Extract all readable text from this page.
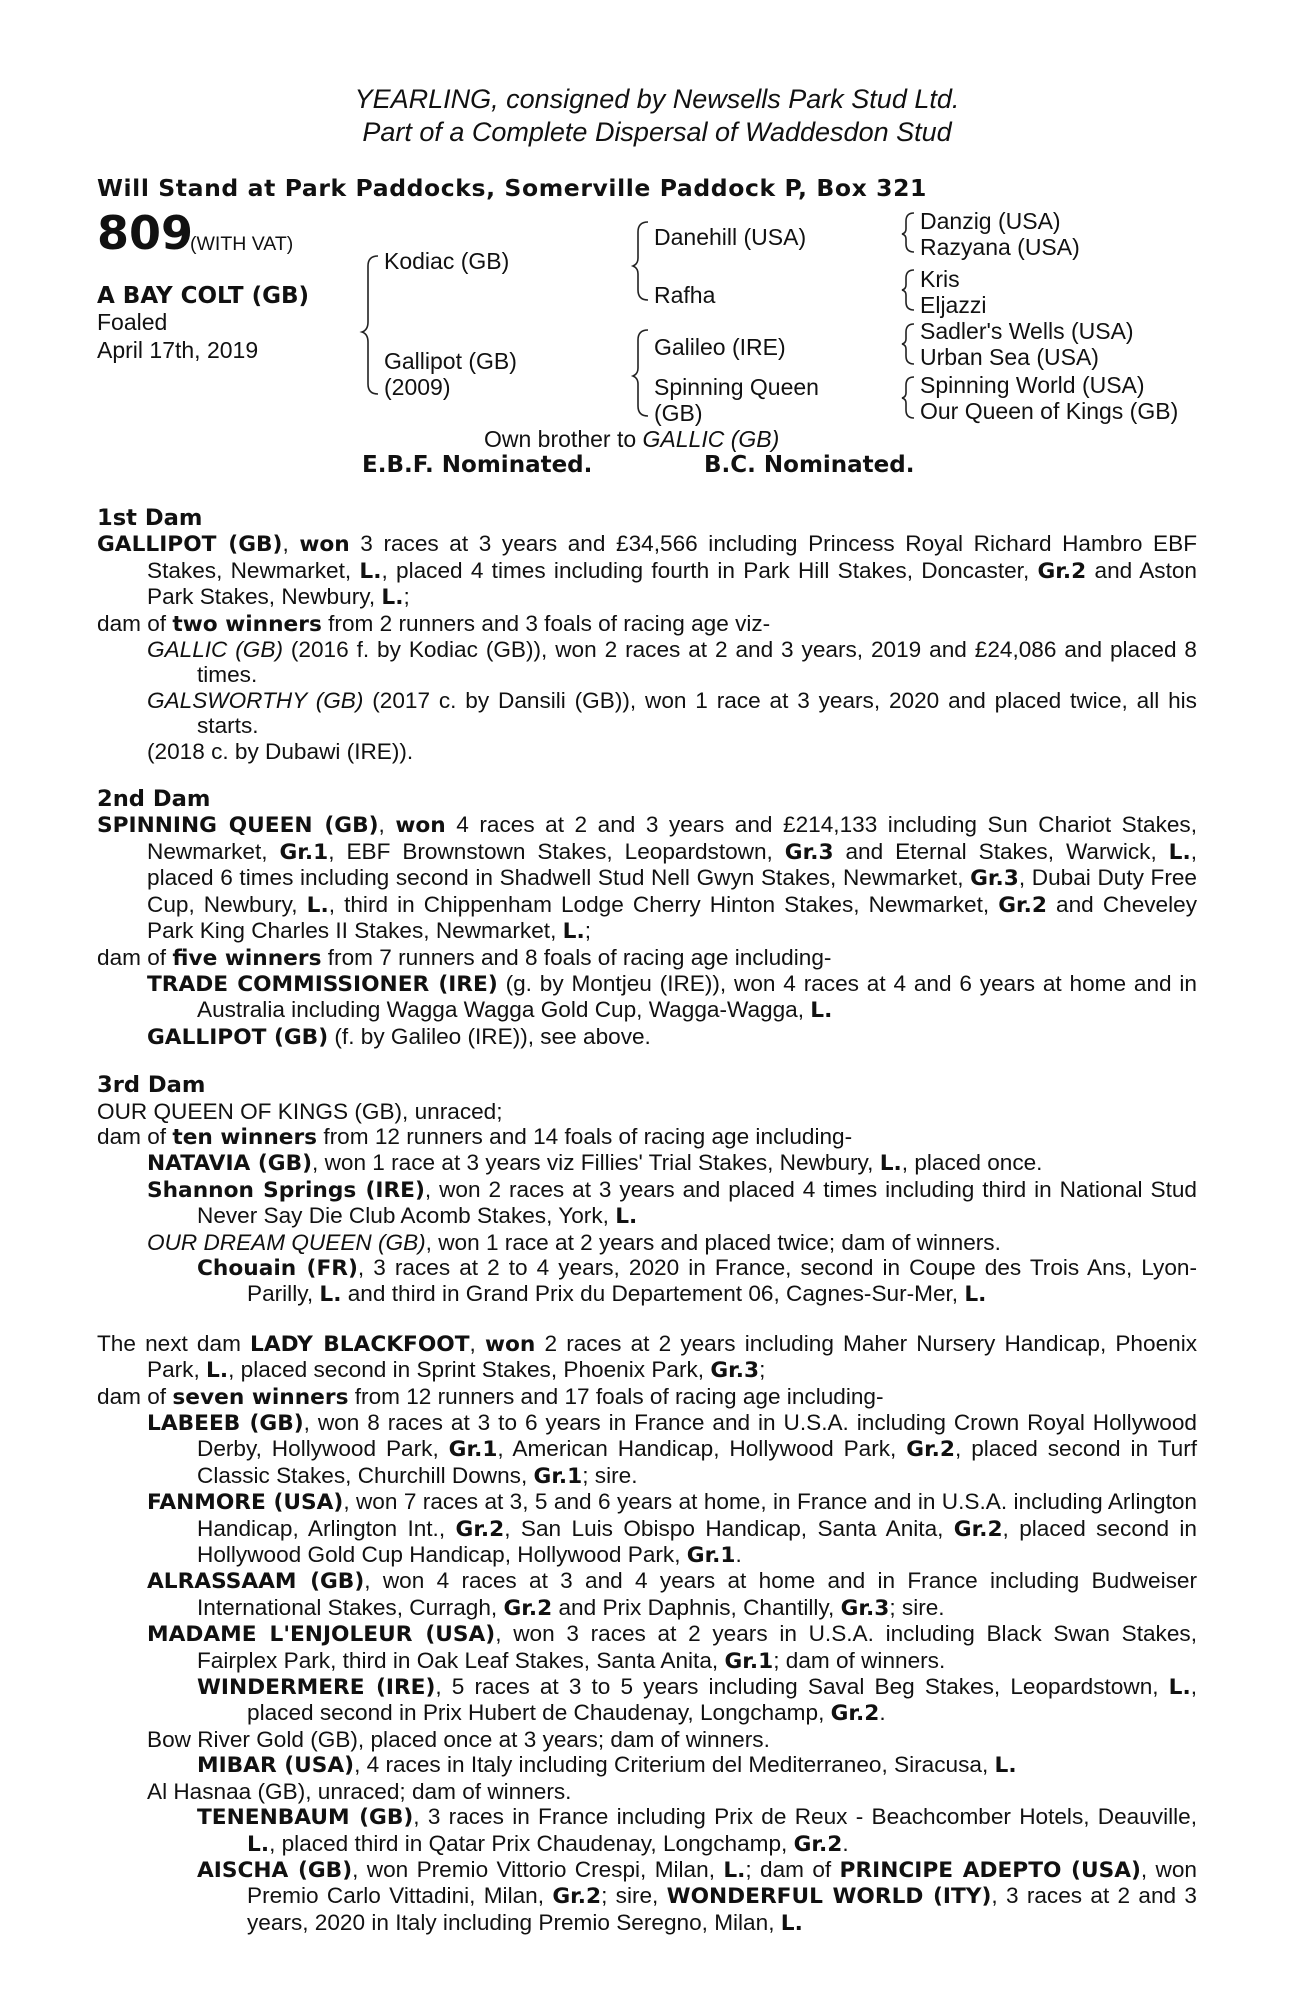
YEARLING, consigned by Newsells Park Stud Ltd.
Part of a Complete Dispersal of Waddesdon Stud
Will Stand at Park Paddocks, Somerville Paddock P, Box 321
809
(WITH VAT)
A BAY COLT (GB)
Foaled
April 17th, 2019
Kodiac (GB)
Gallipot (GB)
(2009)
Danehill (USA)
Rafha
Galileo (IRE)
Spinning Queen
(GB)
Danzig (USA)
Razyana (USA)
Kris
Eljazzi
Sadler's Wells (USA)
Urban Sea (USA)
Spinning World (USA)
Our Queen of Kings (GB)
Own brother to GALLIC (GB)
E.B.F. Nominated.	B.C. Nominated.

1st Dam

GALLIPOT (GB), won 3 races at 3 years and £34,566 including Princess Royal Richard Hambro EBF Stakes, Newmarket, L., placed 4 times including fourth in Park Hill Stakes, Doncaster, Gr.2 and Aston Park Stakes, Newbury, L.;

dam of two winners from 2 runners and 3 foals of racing age viz-

GALLIC (GB) (2016 f. by Kodiac (GB)), won 2 races at 2 and 3 years, 2019 and £24,086 and placed 8 times.

GALSWORTHY (GB) (2017 c. by Dansili (GB)), won 1 race at 3 years, 2020 and placed twice, all his starts.

(2018 c. by Dubawi (IRE)).

2nd Dam

SPINNING QUEEN (GB), won 4 races at 2 and 3 years and £214,133 including Sun Chariot Stakes, Newmarket, Gr.1, EBF Brownstown Stakes, Leopardstown, Gr.3 and Eternal Stakes, Warwick, L., placed 6 times including second in Shadwell Stud Nell Gwyn Stakes, Newmarket, Gr.3, Dubai Duty Free Cup, Newbury, L., third in Chippenham Lodge Cherry Hinton Stakes, Newmarket, Gr.2 and Cheveley Park King Charles II Stakes, Newmarket, L.;

dam of five winners from 7 runners and 8 foals of racing age including-

TRADE COMMISSIONER (IRE) (g. by Montjeu (IRE)), won 4 races at 4 and 6 years at home and in Australia including Wagga Wagga Gold Cup, Wagga-Wagga, L.

GALLIPOT (GB) (f. by Galileo (IRE)), see above.

3rd Dam

OUR QUEEN OF KINGS (GB), unraced;

dam of ten winners from 12 runners and 14 foals of racing age including-

NATAVIA (GB), won 1 race at 3 years viz Fillies' Trial Stakes, Newbury, L., placed once.

Shannon Springs (IRE), won 2 races at 3 years and placed 4 times including third in National Stud Never Say Die Club Acomb Stakes, York, L.

OUR DREAM QUEEN (GB), won 1 race at 2 years and placed twice; dam of winners.

Chouain (FR), 3 races at 2 to 4 years, 2020 in France, second in Coupe des Trois Ans, Lyon-Parilly, L. and third in Grand Prix du Departement 06, Cagnes-Sur-Mer, L.

The next dam LADY BLACKFOOT, won 2 races at 2 years including Maher Nursery Handicap, Phoenix Park, L., placed second in Sprint Stakes, Phoenix Park, Gr.3;

dam of seven winners from 12 runners and 17 foals of racing age including-

LABEEB (GB), won 8 races at 3 to 6 years in France and in U.S.A. including Crown Royal Hollywood Derby, Hollywood Park, Gr.1, American Handicap, Hollywood Park, Gr.2, placed second in Turf Classic Stakes, Churchill Downs, Gr.1; sire.

FANMORE (USA), won 7 races at 3, 5 and 6 years at home, in France and in U.S.A. including Arlington Handicap, Arlington Int., Gr.2, San Luis Obispo Handicap, Santa Anita, Gr.2, placed second in Hollywood Gold Cup Handicap, Hollywood Park, Gr.1.

ALRASSAAM (GB), won 4 races at 3 and 4 years at home and in France including Budweiser International Stakes, Curragh, Gr.2 and Prix Daphnis, Chantilly, Gr.3; sire.

MADAME L'ENJOLEUR (USA), won 3 races at 2 years in U.S.A. including Black Swan Stakes, Fairplex Park, third in Oak Leaf Stakes, Santa Anita, Gr.1; dam of winners.

WINDERMERE (IRE), 5 races at 3 to 5 years including Saval Beg Stakes, Leopardstown, L., placed second in Prix Hubert de Chaudenay, Longchamp, Gr.2.

Bow River Gold (GB), placed once at 3 years; dam of winners.

MIBAR (USA), 4 races in Italy including Criterium del Mediterraneo, Siracusa, L.

Al Hasnaa (GB), unraced; dam of winners.

TENENBAUM (GB), 3 races in France including Prix de Reux - Beachcomber Hotels, Deauville, L., placed third in Qatar Prix Chaudenay, Longchamp, Gr.2.

AISCHA (GB), won Premio Vittorio Crespi, Milan, L.; dam of PRINCIPE ADEPTO (USA), won Premio Carlo Vittadini, Milan, Gr.2; sire, WONDERFUL WORLD (ITY), 3 races at 2 and 3 years, 2020 in Italy including Premio Seregno, Milan, L.
